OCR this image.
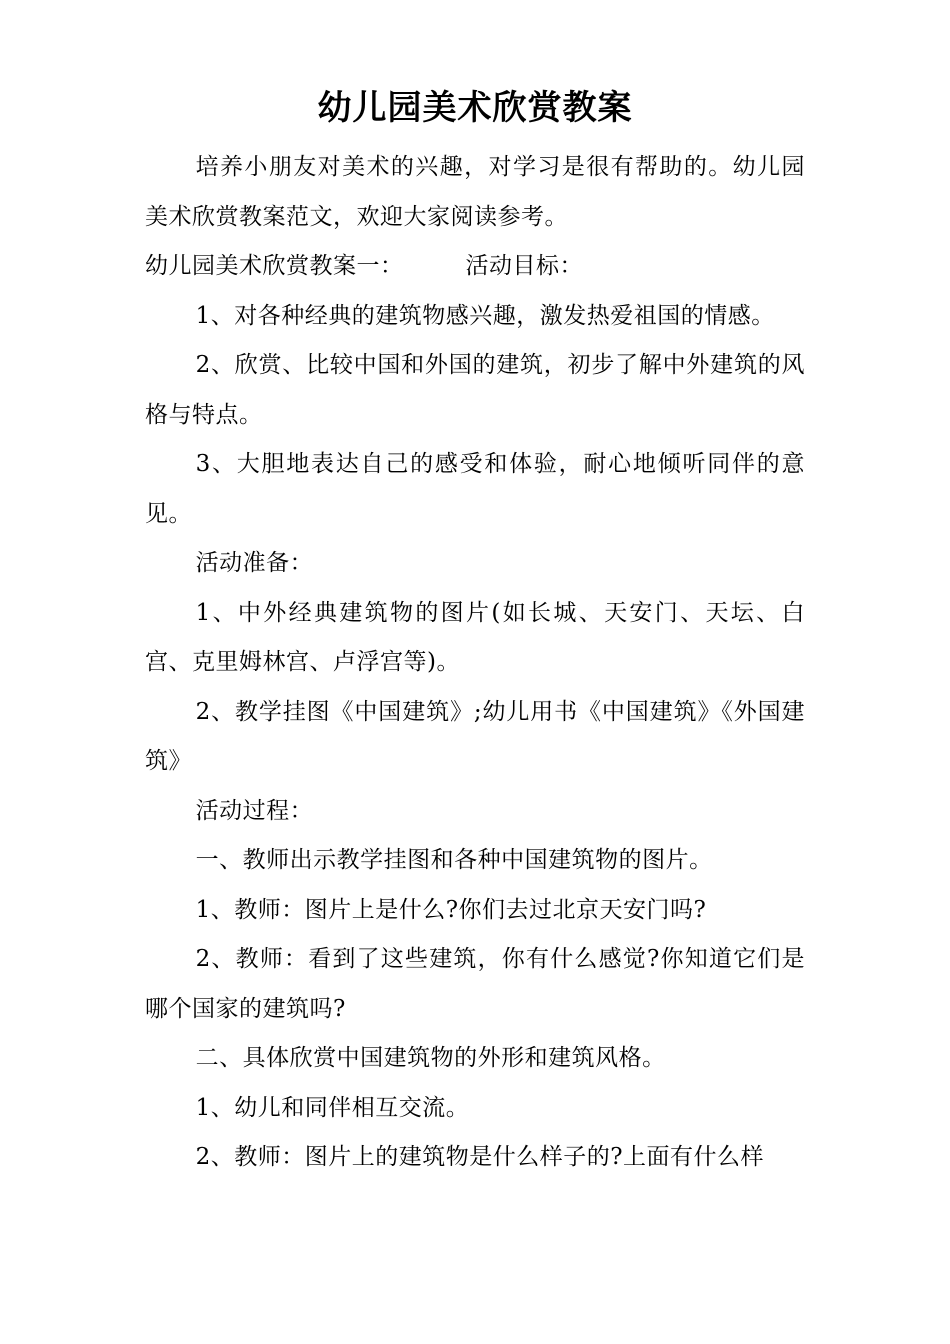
幼儿园美术欣赏教案

培养小朋友对美术的兴趣，对学习是很有帮助的。幼儿园美术欣赏教案范文，欢迎大家阅读参考。

幼儿园美术欣赏教案一：	活动目标：

1、对各种经典的建筑物感兴趣，激发热爱祖国的情感。

2、欣赏、比较中国和外国的建筑，初步了解中外建筑的风格与特点。

3、大胆地表达自己的感受和体验，耐心地倾听同伴的意见。

活动准备：

1、中外经典建筑物的图片(如长城、天安门、天坛、白宫、克里姆林宫、卢浮宫等)。

2、教学挂图《中国建筑》;幼儿用书《中国建筑》《外国建筑》

活动过程：

一、教师出示教学挂图和各种中国建筑物的图片。

1、教师：图片上是什么?你们去过北京天安门吗?

2、教师：看到了这些建筑，你有什么感觉?你知道它们是哪个国家的建筑吗?

二、具体欣赏中国建筑物的外形和建筑风格。

1、幼儿和同伴相互交流。

2、教师：图片上的建筑物是什么样子的?上面有什么样
